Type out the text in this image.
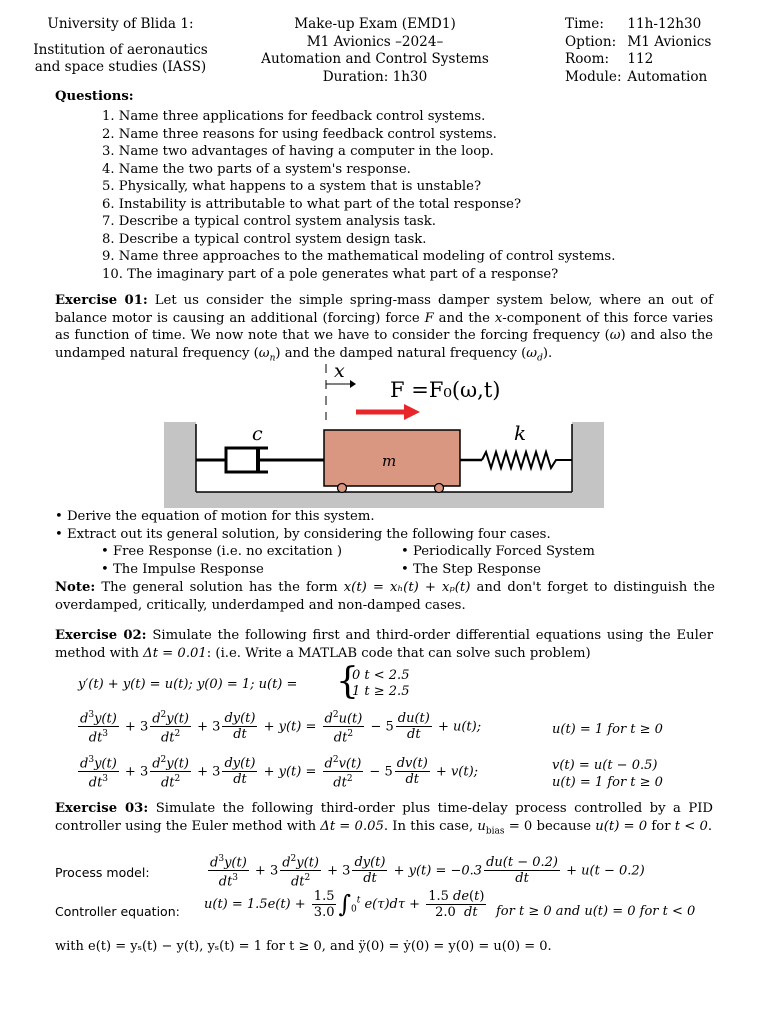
University of Blida 1:
Institution of aeronautics
and space studies (IASS)
Make-up Exam (EMD1)
M1 Avionics –2024–
Automation and Control Systems
Duration: 1h30
Time: 11h-12h30
Option: M1 Avionics
Room: 112
Module: Automation
Questions:
1. Name three applications for feedback control systems.
2. Name three reasons for using feedback control systems.
3. Name two advantages of having a computer in the loop.
4. Name the two parts of a system's response.
5. Physically, what happens to a system that is unstable?
6. Instability is attributable to what part of the total response?
7. Describe a typical control system analysis task.
8. Describe a typical control system design task.
9. Name three approaches to the mathematical modeling of control systems.
10. The imaginary part of a pole generates what part of a response?
Exercise 01: Let us consider the simple spring-mass damper system below, where an out of balance motor is causing an additional (forcing) force F and the x-component of this force varies as function of time. We now note that we have to consider the forcing frequency (ω) and also the undamped natural frequency $(\omega_n)$ and the damped natural frequency $(\omega_d)$.
x
F =F₀(ω,t)
c
m
k
• Derive the equation of motion for this system.
• Extract out its general solution, by considering the following four cases.
• Free Response (i.e. no excitation )	• Periodically Forced System
• The Impulse Response	• The Step Response
Note: The general solution has the form x(t) = xₕ(t) + xₚ(t) and don't forget to distinguish the overdamped, critically, underdamped and non-damped cases.
Exercise 02: Simulate the following first and third-order differential equations using the Euler method with Δt = 0.01: (i.e. Write a MATLAB code that can solve such problem)
y′(t) + y(t) = u(t); y(0) = 1; u(t) = {
0 t < 2.5
1 t ≥ 2.5
$\frac{d^3y(t)}{dt^3} + 3 \frac{d^2y(t)}{dt^2} + 3 \frac{dy(t)}{dt} + y(t) = \frac{d^2u(t)}{dt^2} - 5 \frac{du(t)}{dt} + u(t)$;	u(t) = 1 for t ≥ 0
$\frac{d^3y(t)}{dt^3} + 3 \frac{d^2y(t)}{dt^2} + 3 \frac{dy(t)}{dt} + y(t) = \frac{d^2v(t)}{dt^2} - 5 \frac{dv(t)}{dt} + v(t)$;	v(t) = u(t − 0.5)
u(t) = 1 for t ≥ 0
Exercise 03: Simulate the following third-order plus time-delay process controlled by a PID controller using the Euler method with Δt = 0.05. In this case, $u_{bias} = 0$ because u(t) = 0 for t < 0.
Process model:	$\frac{d^3y(t)}{dt^3} + 3 \frac{d^2y(t)}{dt^2} + 3 \frac{dy(t)}{dt} + y(t) = -0.3 \frac{du(t - 0.2)}{dt} + u(t - 0.2)$
Controller equation: $u(t) = 1.5e(t) + \frac{1.5}{3.0} \int_0^t$ $e(\tau)d\tau + \frac{1.5 de(t)}{2.0 dt}$ for t ≥ 0 and u(t) = 0 for t < 0
with e(t) = yₛ(t) − y(t), yₛ(t) = 1 for t ≥ 0, and ÿ(0) = ẏ(0) = y(0) = u(0) = 0.
